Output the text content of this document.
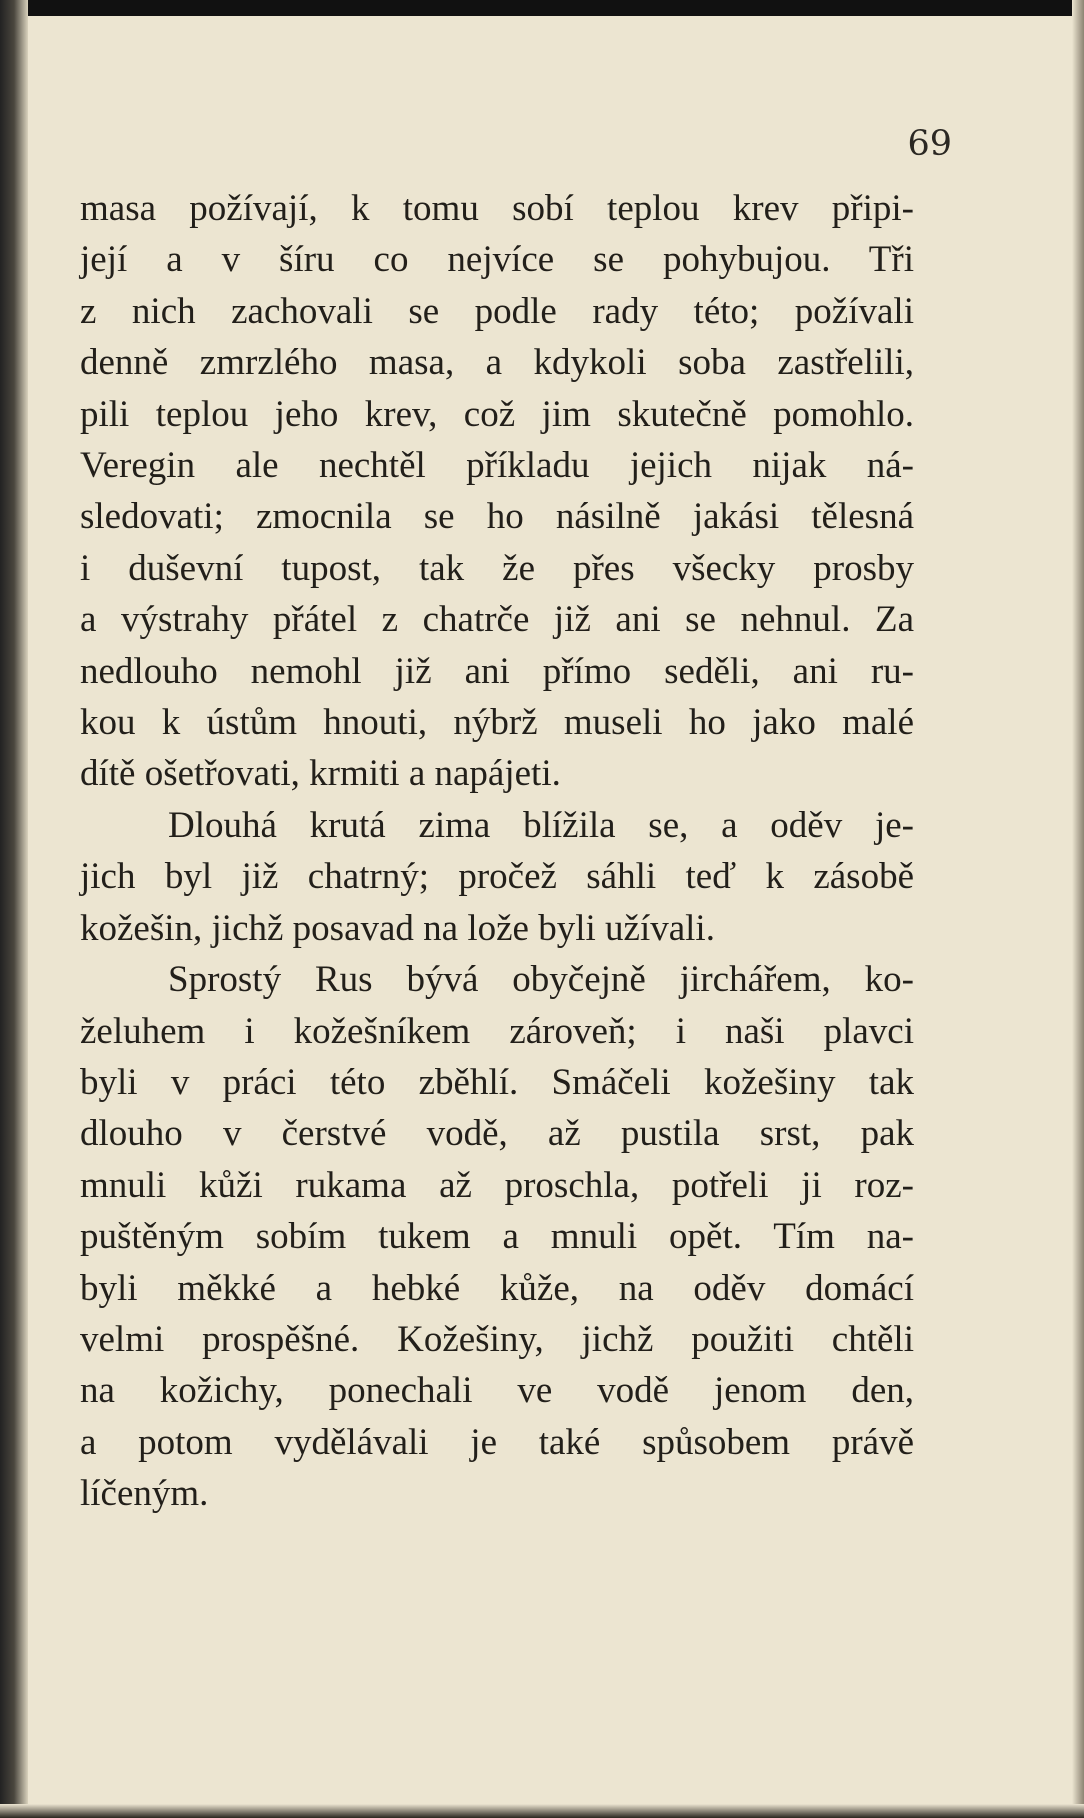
69
masa požívají, k tomu sobí teplou krev připi-
její a v šíru co nejvíce se pohybujou. Tři
z nich zachovali se podle rady této; požívali
denně zmrzlého masa, a kdykoli soba zastřelili,
pili teplou jeho krev, což jim skutečně pomohlo.
Veregin ale nechtěl příkladu jejich nijak ná-
sledovati; zmocnila se ho násilně jakási tělesná
i duševní tupost, tak že přes všecky prosby
a výstrahy přátel z chatrče již ani se nehnul. Za
nedlouho nemohl již ani přímo seděli, ani ru-
kou k ústům hnouti, nýbrž museli ho jako malé
dítě ošetřovati, krmiti a napájeti.
Dlouhá krutá zima blížila se, a oděv je-
jich byl již chatrný; pročež sáhli teď k zásobě
kožešin, jichž posavad na lože byli užívali.
Sprostý Rus bývá obyčejně jirchářem, ko-
želuhem i kožešníkem zároveň; i naši plavci
byli v práci této zběhlí. Smáčeli kožešiny tak
dlouho v čerstvé vodě, až pustila srst, pak
mnuli kůži rukama až proschla, potřeli ji roz-
puštěným sobím tukem a mnuli opět. Tím na-
byli měkké a hebké kůže, na oděv domácí
velmi prospěšné. Kožešiny, jichž použiti chtěli
na kožichy, ponechali ve vodě jenom den,
a potom vydělávali je také spůsobem právě
líčeným.
